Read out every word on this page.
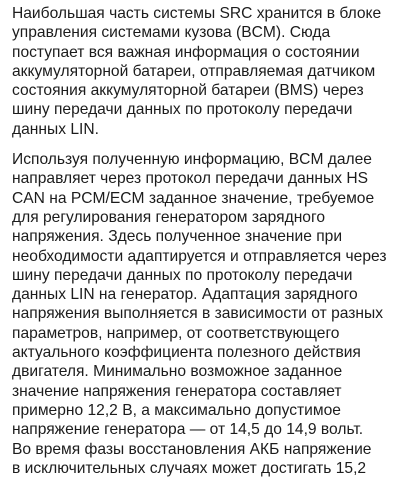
Наибольшая часть системы SRC хранится в блоке
управления системами кузова (BCM). Сюда
поступает вся важная информация о состоянии
аккумуляторной батареи, отправляемая датчиком
состояния аккумуляторной батареи (BMS) через
шину передачи данных по протоколу передачи
данных LIN.

Используя полученную информацию, BCM далее
направляет через протокол передачи данных HS
CAN на PCM/ECM заданное значение, требуемое
для регулирования генератором зарядного
напряжения. Здесь полученное значение при
необходимости адаптируется и отправляется через
шину передачи данных по протоколу передачи
данных LIN на генератор. Адаптация зарядного
напряжения выполняется в зависимости от разных
параметров, например, от соответствующего
актуального коэффициента полезного действия
двигателя. Минимально возможное заданное
значение напряжения генератора составляет
примерно 12,2 В, а максимально допустимое
напряжение генератора — от 14,5 до 14,9 вольт.
Во время фазы восстановления АКБ напряжение
в исключительных случаях может достигать 15,2
